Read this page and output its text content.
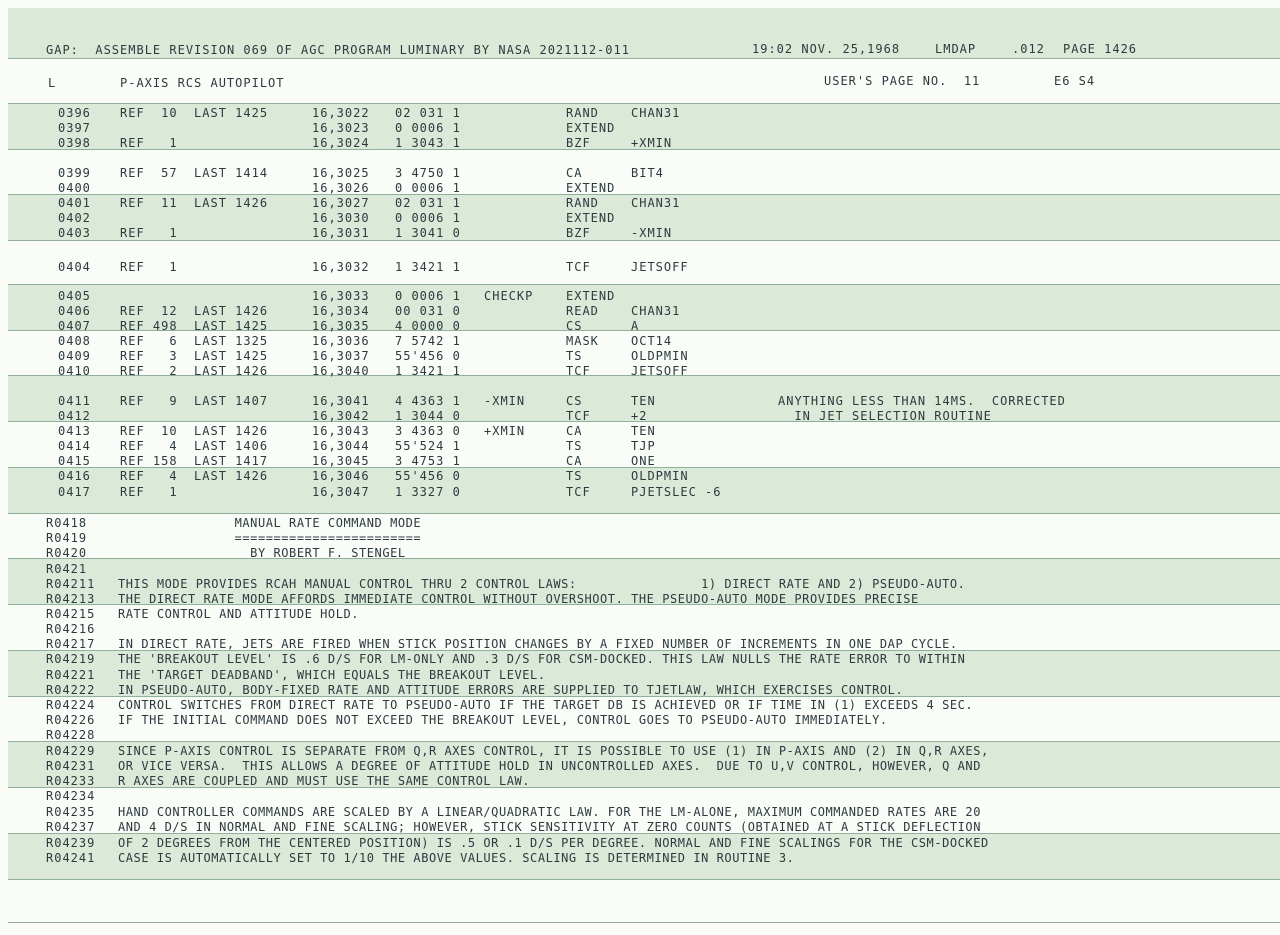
GAP:  ASSEMBLE REVISION 069 OF AGC PROGRAM LUMINARY BY NASA 2021112-011	19:02 NOV. 25,1968	LMDAP	.012 PAGE 1426
L	P-AXIS RCS AUTOPILOT	USER'S PAGE NO.  11	E6 S4
0396 REF  10  LAST 1425	16,3022 02 031 1	RAND	CHAN31
0397	16,3023 0 0006 1	EXTEND
0398 REF   1	16,3024 1 3043 1	BZF	+XMIN
0399 REF  57  LAST 1414	16,3025 3 4750 1	CA	BIT4
0400	16,3026 0 0006 1	EXTEND
0401 REF  11  LAST 1426	16,3027 02 031 1	RAND	CHAN31
0402	16,3030 0 0006 1	EXTEND
0403 REF   1	16,3031 1 3041 0	BZF	-XMIN
0404 REF   1	16,3032 1 3421 1	TCF	JETSOFF
0405	16,3033 0 0006 1 CHECKP	EXTEND
0406 REF  12  LAST 1426	16,3034 00 031 0	READ	CHAN31
0407 REF 498  LAST 1425	16,3035 4 0000 0	CS	A
0408 REF   6  LAST 1325	16,3036 7 5742 1	MASK	OCT14
0409 REF   3  LAST 1425	16,3037 55'456 0	TS	OLDPMIN
0410 REF   2  LAST 1426	16,3040 1 3421 1	TCF	JETSOFF
0411 REF   9  LAST 1407	16,3041 4 4363 1 -XMIN	CS	TEN	ANYTHING LESS THAN 14MS.  CORRECTED
0412	16,3042 1 3044 0	TCF	+2	IN JET SELECTION ROUTINE
0413 REF  10  LAST 1426	16,3043 3 4363 0 +XMIN	CA	TEN
0414 REF   4  LAST 1406	16,3044 55'524 1	TS	TJP
0415 REF 158  LAST 1417	16,3045 3 4753 1	CA	ONE
0416 REF   4  LAST 1426	16,3046 55'456 0	TS	OLDPMIN
0417 REF   1	16,3047 1 3327 0	TCF	PJETSLEC -6
R0418	MANUAL RATE COMMAND MODE
R0419	========================
R0420	BY ROBERT F. STENGEL
R0421
R04211 THIS MODE PROVIDES RCAH MANUAL CONTROL THRU 2 CONTROL LAWS:                1) DIRECT RATE AND 2) PSEUDO-AUTO.
R04213 THE DIRECT RATE MODE AFFORDS IMMEDIATE CONTROL WITHOUT OVERSHOOT. THE PSEUDO-AUTO MODE PROVIDES PRECISE
R04215 RATE CONTROL AND ATTITUDE HOLD.
R04216
R04217 IN DIRECT RATE, JETS ARE FIRED WHEN STICK POSITION CHANGES BY A FIXED NUMBER OF INCREMENTS IN ONE DAP CYCLE.
R04219 THE 'BREAKOUT LEVEL' IS .6 D/S FOR LM-ONLY AND .3 D/S FOR CSM-DOCKED. THIS LAW NULLS THE RATE ERROR TO WITHIN
R04221 THE 'TARGET DEADBAND', WHICH EQUALS THE BREAKOUT LEVEL.
R04222 IN PSEUDO-AUTO, BODY-FIXED RATE AND ATTITUDE ERRORS ARE SUPPLIED TO TJETLAW, WHICH EXERCISES CONTROL.
R04224 CONTROL SWITCHES FROM DIRECT RATE TO PSEUDO-AUTO IF THE TARGET DB IS ACHIEVED OR IF TIME IN (1) EXCEEDS 4 SEC.
R04226 IF THE INITIAL COMMAND DOES NOT EXCEED THE BREAKOUT LEVEL, CONTROL GOES TO PSEUDO-AUTO IMMEDIATELY.
R04228
R04229 SINCE P-AXIS CONTROL IS SEPARATE FROM Q,R AXES CONTROL, IT IS POSSIBLE TO USE (1) IN P-AXIS AND (2) IN Q,R AXES,
R04231 OR VICE VERSA.  THIS ALLOWS A DEGREE OF ATTITUDE HOLD IN UNCONTROLLED AXES.  DUE TO U,V CONTROL, HOWEVER, Q AND
R04233 R AXES ARE COUPLED AND MUST USE THE SAME CONTROL LAW.
R04234
R04235 HAND CONTROLLER COMMANDS ARE SCALED BY A LINEAR/QUADRATIC LAW. FOR THE LM-ALONE, MAXIMUM COMMANDED RATES ARE 20
R04237 AND 4 D/S IN NORMAL AND FINE SCALING; HOWEVER, STICK SENSITIVITY AT ZERO COUNTS (OBTAINED AT A STICK DEFLECTION
R04239 OF 2 DEGREES FROM THE CENTERED POSITION) IS .5 OR .1 D/S PER DEGREE. NORMAL AND FINE SCALINGS FOR THE CSM-DOCKED
R04241 CASE IS AUTOMATICALLY SET TO 1/10 THE ABOVE VALUES. SCALING IS DETERMINED IN ROUTINE 3.
